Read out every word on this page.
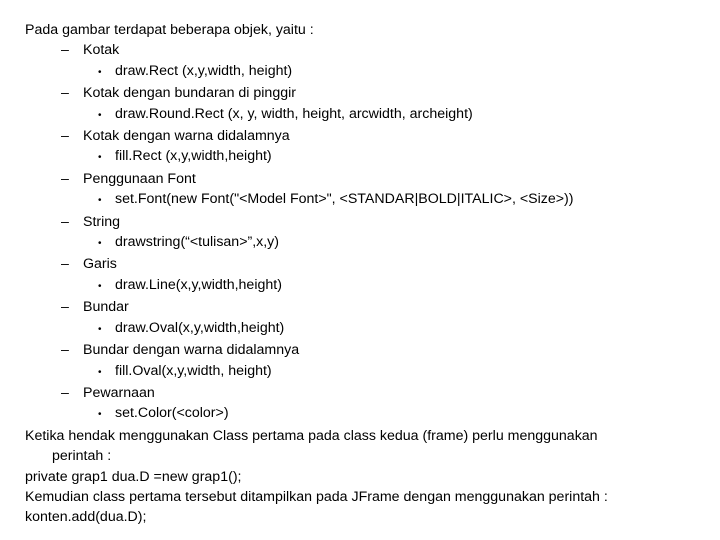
Pada gambar terdapat beberapa objek, yaitu :
– Kotak
• draw.Rect (x,y,width, height)
– Kotak dengan bundaran di pinggir
• draw.Round.Rect (x, y, width, height, arcwidth, archeight)
– Kotak dengan warna didalamnya
• fill.Rect (x,y,width,height)
– Penggunaan Font
• set.Font(new Font("<Model Font>", <STANDAR|BOLD|ITALIC>, <Size>))
– String
• drawstring(“<tulisan>”,x,y)
– Garis
• draw.Line(x,y,width,height)
– Bundar
• draw.Oval(x,y,width,height)
– Bundar dengan warna didalamnya
• fill.Oval(x,y,width, height)
– Pewarnaan
• set.Color(<color>)
Ketika hendak menggunakan Class pertama pada class kedua (frame) perlu menggunakan
perintah :
private grap1 dua.D =new grap1();
Kemudian class pertama tersebut ditampilkan pada JFrame dengan menggunakan perintah :
konten.add(dua.D);
